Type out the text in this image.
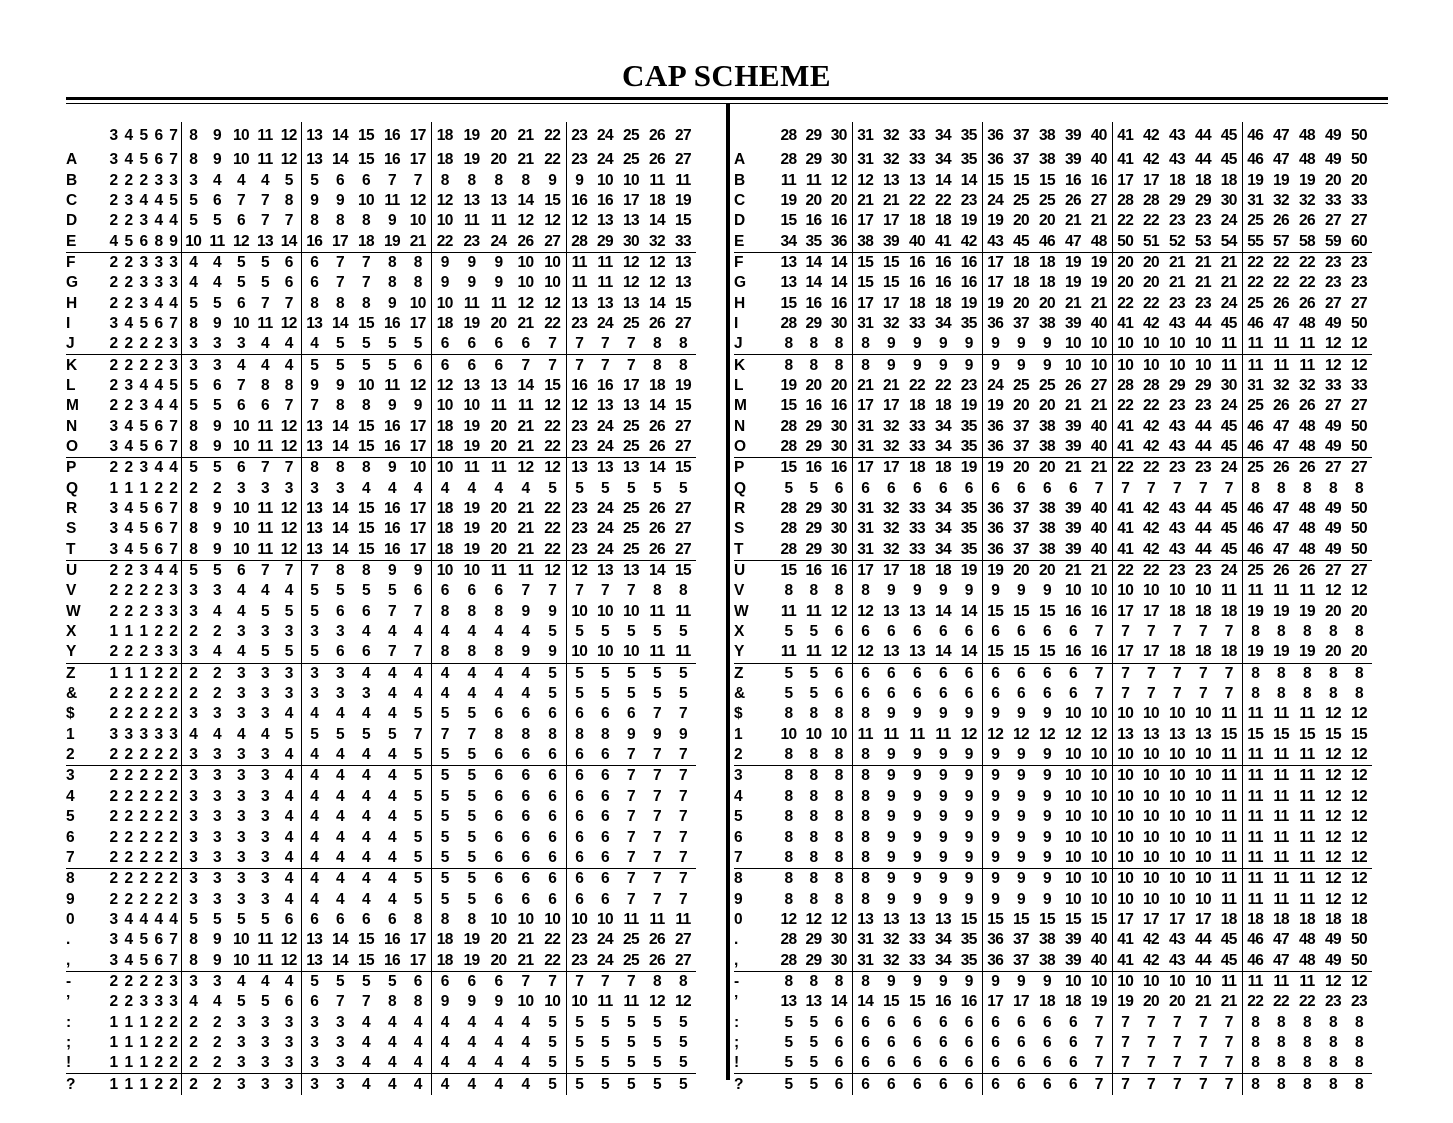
CAP SCHEME
	3	4	5	6	7	8	9	10	11	12	13	14	15	16	17	18	19	20	21	22	23	24	25	26	27
A	3	4	5	6	7	8	9	10	11	12	13	14	15	16	17	18	19	20	21	22	23	24	25	26	27
B	2	2	2	3	3	3	4	4	4	5	5	6	6	7	7	8	8	8	8	9	9	10	10	11	11
C	2	3	4	4	5	5	6	7	7	8	9	9	10	11	12	12	13	13	14	15	16	16	17	18	19
D	2	2	3	4	4	5	5	6	7	7	8	8	8	9	10	10	11	11	12	12	12	13	13	14	15
E	4	5	6	8	9	10	11	12	13	14	16	17	18	19	21	22	23	24	26	27	28	29	30	32	33
F	2	2	3	3	3	4	4	5	5	6	6	7	7	8	8	9	9	9	10	10	11	11	12	12	13
G	2	2	3	3	3	4	4	5	5	6	6	7	7	8	8	9	9	9	10	10	11	11	12	12	13
H	2	2	3	4	4	5	5	6	7	7	8	8	8	9	10	10	11	11	12	12	13	13	13	14	15
I	3	4	5	6	7	8	9	10	11	12	13	14	15	16	17	18	19	20	21	22	23	24	25	26	27
J	2	2	2	2	3	3	3	3	4	4	4	5	5	5	5	6	6	6	6	7	7	7	7	8	8
K	2	2	2	2	3	3	3	4	4	4	5	5	5	5	6	6	6	6	7	7	7	7	7	8	8
L	2	3	4	4	5	5	6	7	8	8	9	9	10	11	12	12	13	13	14	15	16	16	17	18	19
M	2	2	3	4	4	5	5	6	6	7	7	8	8	9	9	10	10	11	11	12	12	13	13	14	15
N	3	4	5	6	7	8	9	10	11	12	13	14	15	16	17	18	19	20	21	22	23	24	25	26	27
O	3	4	5	6	7	8	9	10	11	12	13	14	15	16	17	18	19	20	21	22	23	24	25	26	27
P	2	2	3	4	4	5	5	6	7	7	8	8	8	9	10	10	11	11	12	12	13	13	13	14	15
Q	1	1	1	2	2	2	2	3	3	3	3	3	4	4	4	4	4	4	4	5	5	5	5	5	5
R	3	4	5	6	7	8	9	10	11	12	13	14	15	16	17	18	19	20	21	22	23	24	25	26	27
S	3	4	5	6	7	8	9	10	11	12	13	14	15	16	17	18	19	20	21	22	23	24	25	26	27
T	3	4	5	6	7	8	9	10	11	12	13	14	15	16	17	18	19	20	21	22	23	24	25	26	27
U	2	2	3	4	4	5	5	6	7	7	7	8	8	9	9	10	10	11	11	12	12	13	13	14	15
V	2	2	2	2	3	3	3	4	4	4	5	5	5	5	6	6	6	6	7	7	7	7	7	8	8
W	2	2	2	3	3	3	4	4	5	5	5	6	6	7	7	8	8	8	9	9	10	10	10	11	11
X	1	1	1	2	2	2	2	3	3	3	3	3	4	4	4	4	4	4	4	5	5	5	5	5	5
Y	2	2	2	3	3	3	4	4	5	5	5	6	6	7	7	8	8	8	9	9	10	10	10	11	11
Z	1	1	1	2	2	2	2	3	3	3	3	3	4	4	4	4	4	4	4	5	5	5	5	5	5
&	2	2	2	2	2	2	2	3	3	3	3	3	3	4	4	4	4	4	4	5	5	5	5	5	5
$	2	2	2	2	2	3	3	3	3	4	4	4	4	4	5	5	5	6	6	6	6	6	6	7	7
1	3	3	3	3	3	4	4	4	4	5	5	5	5	5	7	7	7	8	8	8	8	8	9	9	9
2	2	2	2	2	2	3	3	3	3	4	4	4	4	4	5	5	5	6	6	6	6	6	7	7	7
3	2	2	2	2	2	3	3	3	3	4	4	4	4	4	5	5	5	6	6	6	6	6	7	7	7
4	2	2	2	2	2	3	3	3	3	4	4	4	4	4	5	5	5	6	6	6	6	6	7	7	7
5	2	2	2	2	2	3	3	3	3	4	4	4	4	4	5	5	5	6	6	6	6	6	7	7	7
6	2	2	2	2	2	3	3	3	3	4	4	4	4	4	5	5	5	6	6	6	6	6	7	7	7
7	2	2	2	2	2	3	3	3	3	4	4	4	4	4	5	5	5	6	6	6	6	6	7	7	7
8	2	2	2	2	2	3	3	3	3	4	4	4	4	4	5	5	5	6	6	6	6	6	7	7	7
9	2	2	2	2	2	3	3	3	3	4	4	4	4	4	5	5	5	6	6	6	6	6	7	7	7
0	3	4	4	4	4	5	5	5	5	6	6	6	6	6	8	8	8	10	10	10	10	10	11	11	11
.	3	4	5	6	7	8	9	10	11	12	13	14	15	16	17	18	19	20	21	22	23	24	25	26	27
,	3	4	5	6	7	8	9	10	11	12	13	14	15	16	17	18	19	20	21	22	23	24	25	26	27
-	2	2	2	2	3	3	3	4	4	4	5	5	5	5	6	6	6	6	7	7	7	7	7	8	8
’	2	2	3	3	3	4	4	5	5	6	6	7	7	8	8	9	9	9	10	10	10	11	11	12	12
:	1	1	1	2	2	2	2	3	3	3	3	3	4	4	4	4	4	4	4	5	5	5	5	5	5
;	1	1	1	2	2	2	2	3	3	3	3	3	4	4	4	4	4	4	4	5	5	5	5	5	5
!	1	1	1	2	2	2	2	3	3	3	3	3	4	4	4	4	4	4	4	5	5	5	5	5	5
?	1	1	1	2	2	2	2	3	3	3	3	3	4	4	4	4	4	4	4	5	5	5	5	5	5
	28	29	30	31	32	33	34	35	36	37	38	39	40	41	42	43	44	45	46	47	48	49	50
A	28	29	30	31	32	33	34	35	36	37	38	39	40	41	42	43	44	45	46	47	48	49	50
B	11	11	12	12	13	13	14	14	15	15	15	16	16	17	17	18	18	18	19	19	19	20	20
C	19	20	20	21	21	22	22	23	24	25	25	26	27	28	28	29	29	30	31	32	32	33	33
D	15	16	16	17	17	18	18	19	19	20	20	21	21	22	22	23	23	24	25	26	26	27	27
E	34	35	36	38	39	40	41	42	43	45	46	47	48	50	51	52	53	54	55	57	58	59	60
F	13	14	14	15	15	16	16	16	17	18	18	19	19	20	20	21	21	21	22	22	22	23	23
G	13	14	14	15	15	16	16	16	17	18	18	19	19	20	20	21	21	21	22	22	22	23	23
H	15	16	16	17	17	18	18	19	19	20	20	21	21	22	22	23	23	24	25	26	26	27	27
I	28	29	30	31	32	33	34	35	36	37	38	39	40	41	42	43	44	45	46	47	48	49	50
J	8	8	8	8	9	9	9	9	9	9	9	10	10	10	10	10	10	11	11	11	11	12	12
K	8	8	8	8	9	9	9	9	9	9	9	10	10	10	10	10	10	11	11	11	11	12	12
L	19	20	20	21	21	22	22	23	24	25	25	26	27	28	28	29	29	30	31	32	32	33	33
M	15	16	16	17	17	18	18	19	19	20	20	21	21	22	22	23	23	24	25	26	26	27	27
N	28	29	30	31	32	33	34	35	36	37	38	39	40	41	42	43	44	45	46	47	48	49	50
O	28	29	30	31	32	33	34	35	36	37	38	39	40	41	42	43	44	45	46	47	48	49	50
P	15	16	16	17	17	18	18	19	19	20	20	21	21	22	22	23	23	24	25	26	26	27	27
Q	5	5	6	6	6	6	6	6	6	6	6	6	7	7	7	7	7	7	8	8	8	8	8
R	28	29	30	31	32	33	34	35	36	37	38	39	40	41	42	43	44	45	46	47	48	49	50
S	28	29	30	31	32	33	34	35	36	37	38	39	40	41	42	43	44	45	46	47	48	49	50
T	28	29	30	31	32	33	34	35	36	37	38	39	40	41	42	43	44	45	46	47	48	49	50
U	15	16	16	17	17	18	18	19	19	20	20	21	21	22	22	23	23	24	25	26	26	27	27
V	8	8	8	8	9	9	9	9	9	9	9	10	10	10	10	10	10	11	11	11	11	12	12
W	11	11	12	12	13	13	14	14	15	15	15	16	16	17	17	18	18	18	19	19	19	20	20
X	5	5	6	6	6	6	6	6	6	6	6	6	7	7	7	7	7	7	8	8	8	8	8
Y	11	11	12	12	13	13	14	14	15	15	15	16	16	17	17	18	18	18	19	19	19	20	20
Z	5	5	6	6	6	6	6	6	6	6	6	6	7	7	7	7	7	7	8	8	8	8	8
&	5	5	6	6	6	6	6	6	6	6	6	6	7	7	7	7	7	7	8	8	8	8	8
$	8	8	8	8	9	9	9	9	9	9	9	10	10	10	10	10	10	11	11	11	11	12	12
1	10	10	10	11	11	11	11	12	12	12	12	12	12	13	13	13	13	15	15	15	15	15	15
2	8	8	8	8	9	9	9	9	9	9	9	10	10	10	10	10	10	11	11	11	11	12	12
3	8	8	8	8	9	9	9	9	9	9	9	10	10	10	10	10	10	11	11	11	11	12	12
4	8	8	8	8	9	9	9	9	9	9	9	10	10	10	10	10	10	11	11	11	11	12	12
5	8	8	8	8	9	9	9	9	9	9	9	10	10	10	10	10	10	11	11	11	11	12	12
6	8	8	8	8	9	9	9	9	9	9	9	10	10	10	10	10	10	11	11	11	11	12	12
7	8	8	8	8	9	9	9	9	9	9	9	10	10	10	10	10	10	11	11	11	11	12	12
8	8	8	8	8	9	9	9	9	9	9	9	10	10	10	10	10	10	11	11	11	11	12	12
9	8	8	8	8	9	9	9	9	9	9	9	10	10	10	10	10	10	11	11	11	11	12	12
0	12	12	12	13	13	13	13	15	15	15	15	15	15	17	17	17	17	18	18	18	18	18	18
.	28	29	30	31	32	33	34	35	36	37	38	39	40	41	42	43	44	45	46	47	48	49	50
,	28	29	30	31	32	33	34	35	36	37	38	39	40	41	42	43	44	45	46	47	48	49	50
-	8	8	8	8	9	9	9	9	9	9	9	10	10	10	10	10	10	11	11	11	11	12	12
’	13	13	14	14	15	15	16	16	17	17	18	18	19	19	20	20	21	21	22	22	22	23	23
:	5	5	6	6	6	6	6	6	6	6	6	6	7	7	7	7	7	7	8	8	8	8	8
;	5	5	6	6	6	6	6	6	6	6	6	6	7	7	7	7	7	7	8	8	8	8	8
!	5	5	6	6	6	6	6	6	6	6	6	6	7	7	7	7	7	7	8	8	8	8	8
?	5	5	6	6	6	6	6	6	6	6	6	6	7	7	7	7	7	7	8	8	8	8	8
